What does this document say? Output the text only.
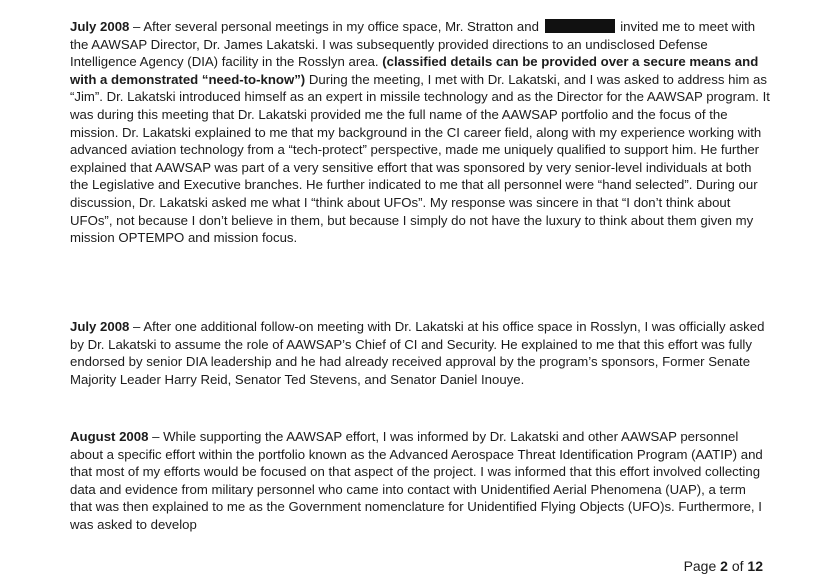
July 2008 – After several personal meetings in my office space, Mr. Stratton and	invited me to meet with the AAWSAP Director, Dr. James Lakatski. I was subsequently provided directions to an undisclosed Defense Intelligence Agency (DIA) facility in the Rosslyn area. (classified details can be provided over a secure means and with a demonstrated “need-to-know”) During the meeting, I met with Dr. Lakatski, and I was asked to address him as “Jim”. Dr. Lakatski introduced himself as an expert in missile technology and as the Director for the AAWSAP program. It was during this meeting that Dr. Lakatski provided me the full name of the AAWSAP portfolio and the focus of the mission. Dr. Lakatski explained to me that my background in the CI career field, along with my experience working with advanced aviation technology from a “tech-protect” perspective, made me uniquely qualified to support him. He further explained that AAWSAP was part of a very sensitive effort that was sponsored by very senior-level individuals at both the Legislative and Executive branches. He further indicated to me that all personnel were “hand selected”. During our discussion, Dr. Lakatski asked me what I “think about UFOs”. My response was sincere in that “I don’t think about UFOs”, not because I don’t believe in them, but because I simply do not have the luxury to think about them given my mission OPTEMPO and mission focus.
July 2008 – After one additional follow-on meeting with Dr. Lakatski at his office space in Rosslyn, I was officially asked by Dr. Lakatski to assume the role of AAWSAP’s Chief of CI and Security. He explained to me that this effort was fully endorsed by senior DIA leadership and he had already received approval by the program’s sponsors, Former Senate Majority Leader Harry Reid, Senator Ted Stevens, and Senator Daniel Inouye.
August 2008 – While supporting the AAWSAP effort, I was informed by Dr. Lakatski and other AAWSAP personnel about a specific effort within the portfolio known as the Advanced Aerospace Threat Identification Program (AATIP) and that most of my efforts would be focused on that aspect of the project. I was informed that this effort involved collecting data and evidence from military personnel who came into contact with Unidentified Aerial Phenomena (UAP), a term that was then explained to me as the Government nomenclature for Unidentified Flying Objects (UFO)s. Furthermore, I was asked to develop
Page 2 of 12
